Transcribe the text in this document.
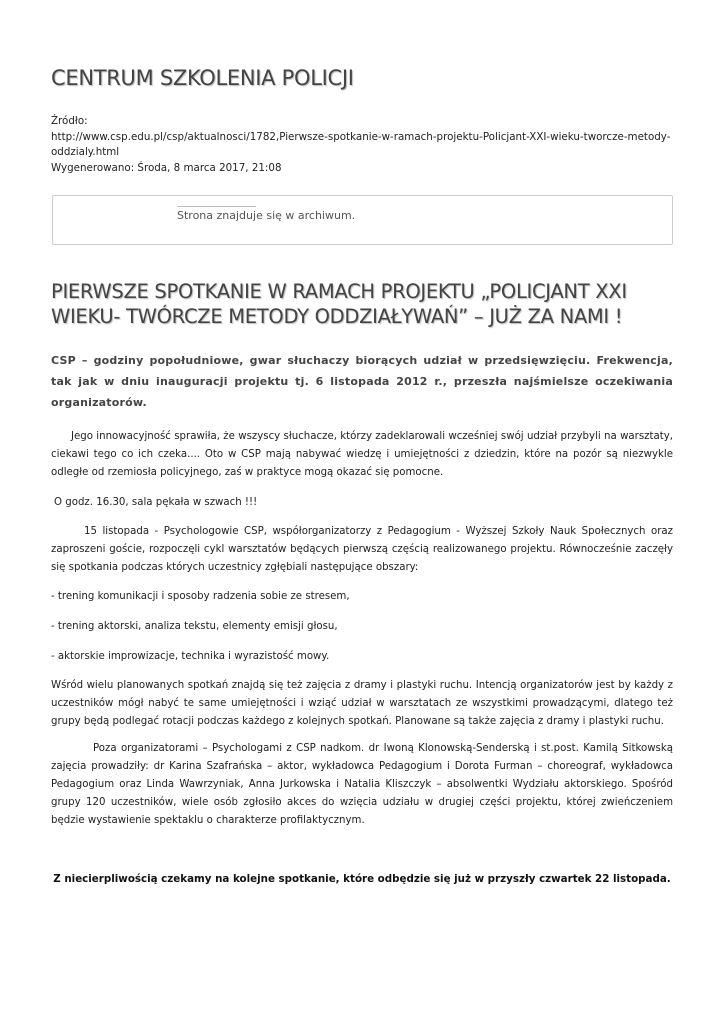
CENTRUM SZKOLENIA POLICJI
Źródło:
http://www.csp.edu.pl/csp/aktualnosci/1782,Pierwsze-spotkanie-w-ramach-projektu-Policjant-XXI-wieku-tworcze-metody-oddzialy.html
Wygenerowano: Środa, 8 marca 2017, 21:08
Strona znajduje się w archiwum.
PIERWSZE SPOTKANIE W RAMACH PROJEKTU „POLICJANT XXI WIEKU- TWÓRCZE METODY ODDZIAŁYWAŃ” – JUŻ ZA NAMI !
CSP – godziny popołudniowe, gwar słuchaczy biorących udział w przedsięwzięciu. Frekwencja, tak jak w dniu inauguracji projektu tj. 6 listopada 2012 r., przeszła najśmielsze oczekiwania organizatorów.
Jego innowacyjność sprawiła, że wszyscy słuchacze, którzy zadeklarowali wcześniej swój udział przybyli na warsztaty, ciekawi tego co ich czeka.... Oto w CSP mają nabywać wiedzę i umiejętności z dziedzin, które na pozór są niezwykle odległe od rzemiosła policyjnego, zaś w praktyce mogą okazać się pomocne.
O godz. 16.30, sala pękała w szwach !!!
15 listopada - Psychologowie CSP, współorganizatorzy z Pedagogium - Wyższej Szkoły Nauk Społecznych oraz zaproszeni goście, rozpoczęli cykl warsztatów będących pierwszą częścią realizowanego projektu. Równocześnie zaczęły się spotkania podczas których uczestnicy zgłębiali następujące obszary:
- trening komunikacji i sposoby radzenia sobie ze stresem,
- trening aktorski, analiza tekstu, elementy emisji głosu,
- aktorskie improwizacje, technika i wyrazistość mowy.
Wśród wielu planowanych spotkań znajdą się też zajęcia z dramy i plastyki ruchu. Intencją organizatorów jest by każdy z uczestników mógł nabyć te same umiejętności i wziąć udział w warsztatach ze wszystkimi prowadzącymi, dlatego też grupy będą podlegać rotacji podczas każdego z kolejnych spotkań. Planowane są także zajęcia z dramy i plastyki ruchu.
Poza organizatorami – Psychologami z CSP nadkom. dr Iwoną Klonowską-Senderską i st.post. Kamilą Sitkowską zajęcia prowadziły: dr Karina Szafrańska – aktor, wykładowca Pedagogium i Dorota Furman – choreograf, wykładowca Pedagogium oraz Linda Wawrzyniak, Anna Jurkowska i Natalia Kliszczyk – absolwentki Wydziału aktorskiego. Spośród grupy 120 uczestników, wiele osób zgłosiło akces do wzięcia udziału w drugiej części projektu, której zwieńczeniem będzie wystawienie spektaklu o charakterze profilaktycznym.
Z niecierpliwością czekamy na kolejne spotkanie, które odbędzie się już w przyszły czwartek 22 listopada.
